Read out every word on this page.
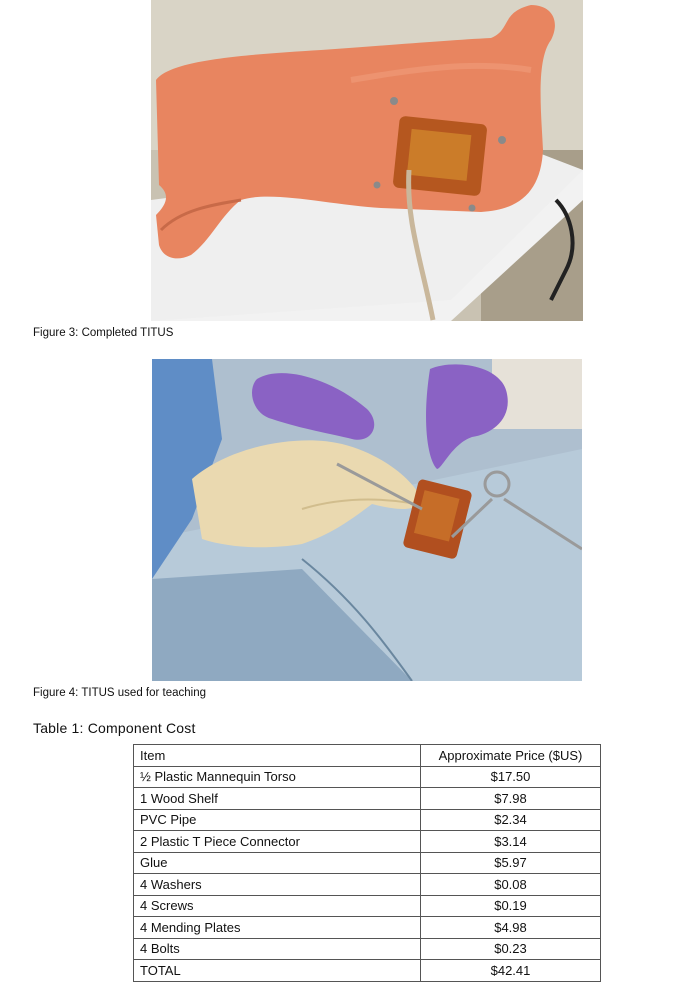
Figure 3: Completed TITUS
Figure 4: TITUS used for teaching
Table 1: Component Cost
Item	Approximate Price ($US)
½ Plastic Mannequin Torso	$17.50
1 Wood Shelf	$7.98
PVC Pipe	$2.34
2 Plastic T Piece Connector	$3.14
Glue	$5.97
4 Washers	$0.08
4 Screws	$0.19
4 Mending Plates	$4.98
4 Bolts	$0.23
TOTAL	$42.41
